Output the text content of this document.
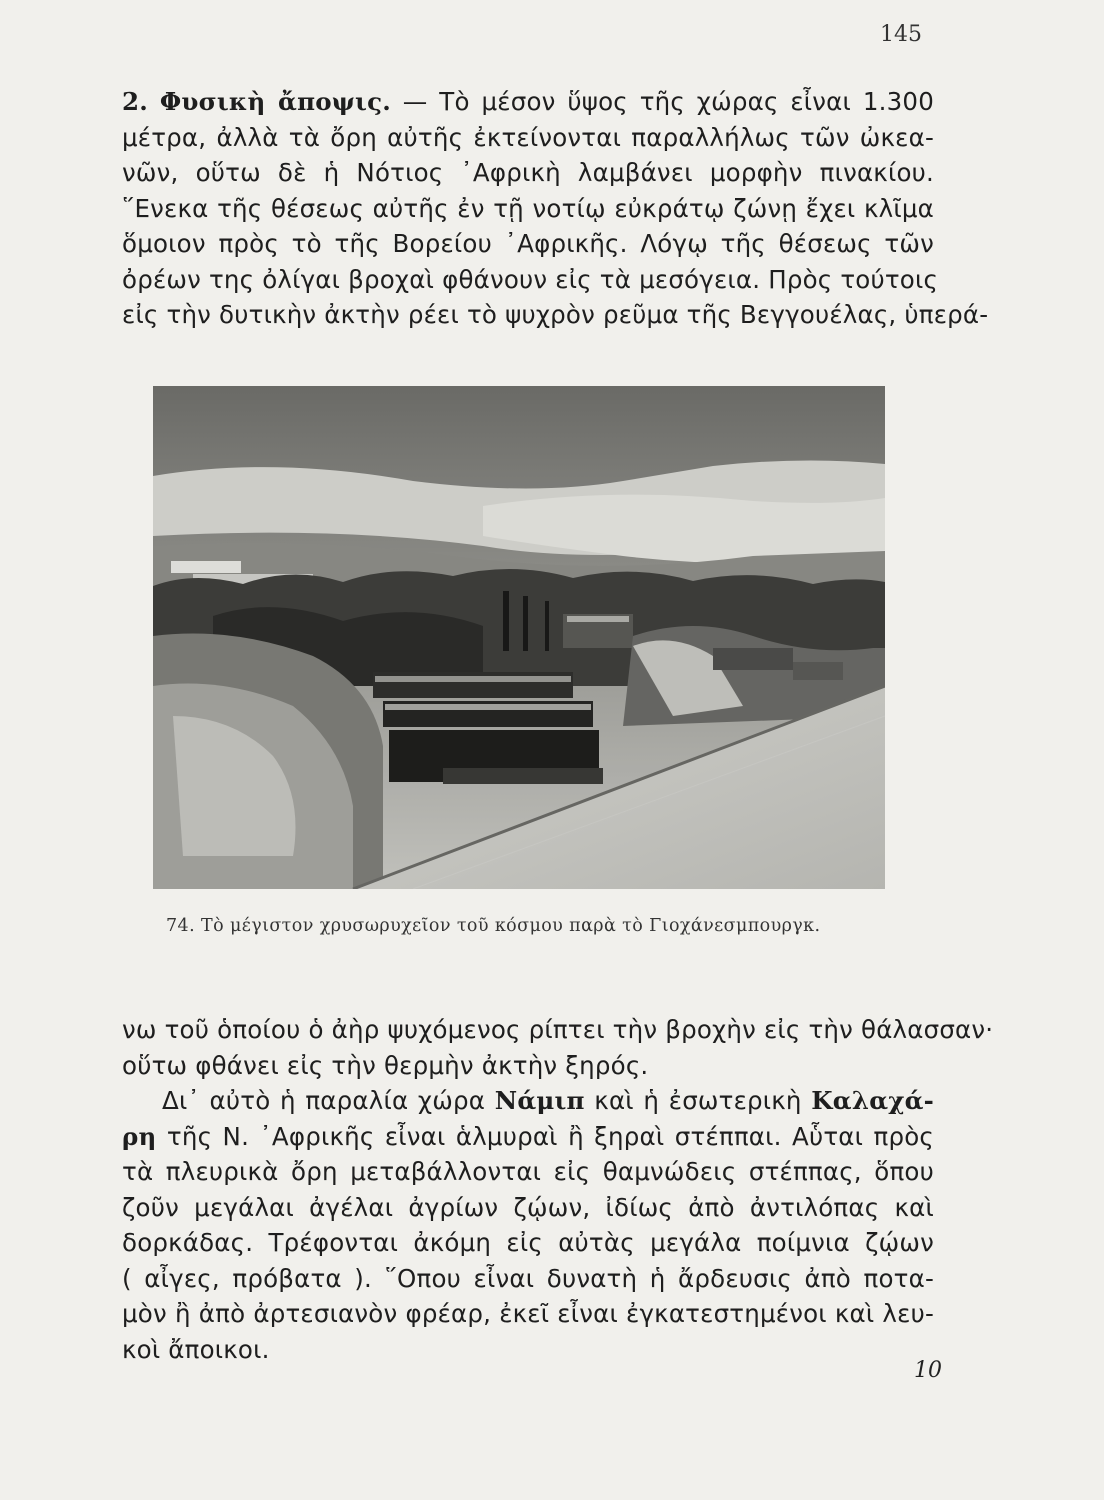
145
2. Φυσικὴ ἄποψις. — Τὸ μέσον ὕψος τῆς χώρας εἶναι 1.300
μέτρα, ἀλλὰ τὰ ὄρη αὐτῆς ἐκτείνονται παραλλήλως τῶν ὠκεα-
νῶν, οὕτω δὲ ἡ Νότιος ᾽Αφρικὴ λαμβάνει μορφὴν πινακίου.
῞Ενεκα τῆς θέσεως αὐτῆς ἐν τῇ νοτίῳ εὐκράτῳ ζώνῃ ἔχει κλῖμα
ὅμοιον πρὸς τὸ τῆς Βορείου ᾽Αφρικῆς. Λόγῳ τῆς θέσεως τῶν
ὀρέων της ὀλίγαι βροχαὶ φθάνουν εἰς τὰ μεσόγεια. Πρὸς τούτοις
εἰς τὴν δυτικὴν ἀκτὴν ρέει τὸ ψυχρὸν ρεῦμα τῆς Βεγγουέλας, ὑπερά-
74. Τὸ μέγιστον χρυσωρυχεῖον τοῦ κόσμου παρὰ τὸ Γιοχάνεσμπουργκ.
νω τοῦ ὁποίου ὁ ἀὴρ ψυχόμενος ρίπτει τὴν βροχὴν εἰς τὴν θάλασσαν·
οὕτω φθάνει εἰς τὴν θερμὴν ἀκτὴν ξηρός.
Δι᾽ αὐτὸ ἡ παραλία χώρα Νάμιπ καὶ ἡ ἐσωτερικὴ Καλαχά-
ρη τῆς Ν. ᾽Αφρικῆς εἶναι ἁλμυραὶ ἢ ξηραὶ στέππαι. Αὗται πρὸς
τὰ πλευρικὰ ὄρη μεταβάλλονται εἰς θαμνώδεις στέππας, ὅπου
ζοῦν μεγάλαι ἀγέλαι ἀγρίων ζῴων, ἰδίως ἀπὸ ἀντιλόπας καὶ
δορκάδας. Τρέφονται ἀκόμη εἰς αὐτὰς μεγάλα ποίμνια ζῴων
( αἶγες, πρόβατα ). ῞Οπου εἶναι δυνατὴ ἡ ἄρδευσις ἀπὸ ποτα-
μὸν ἢ ἀπὸ ἀρτεσιανὸν φρέαρ, ἐκεῖ εἶναι ἐγκατεστημένοι καὶ λευ-
κοὶ ἄποικοι.
10
